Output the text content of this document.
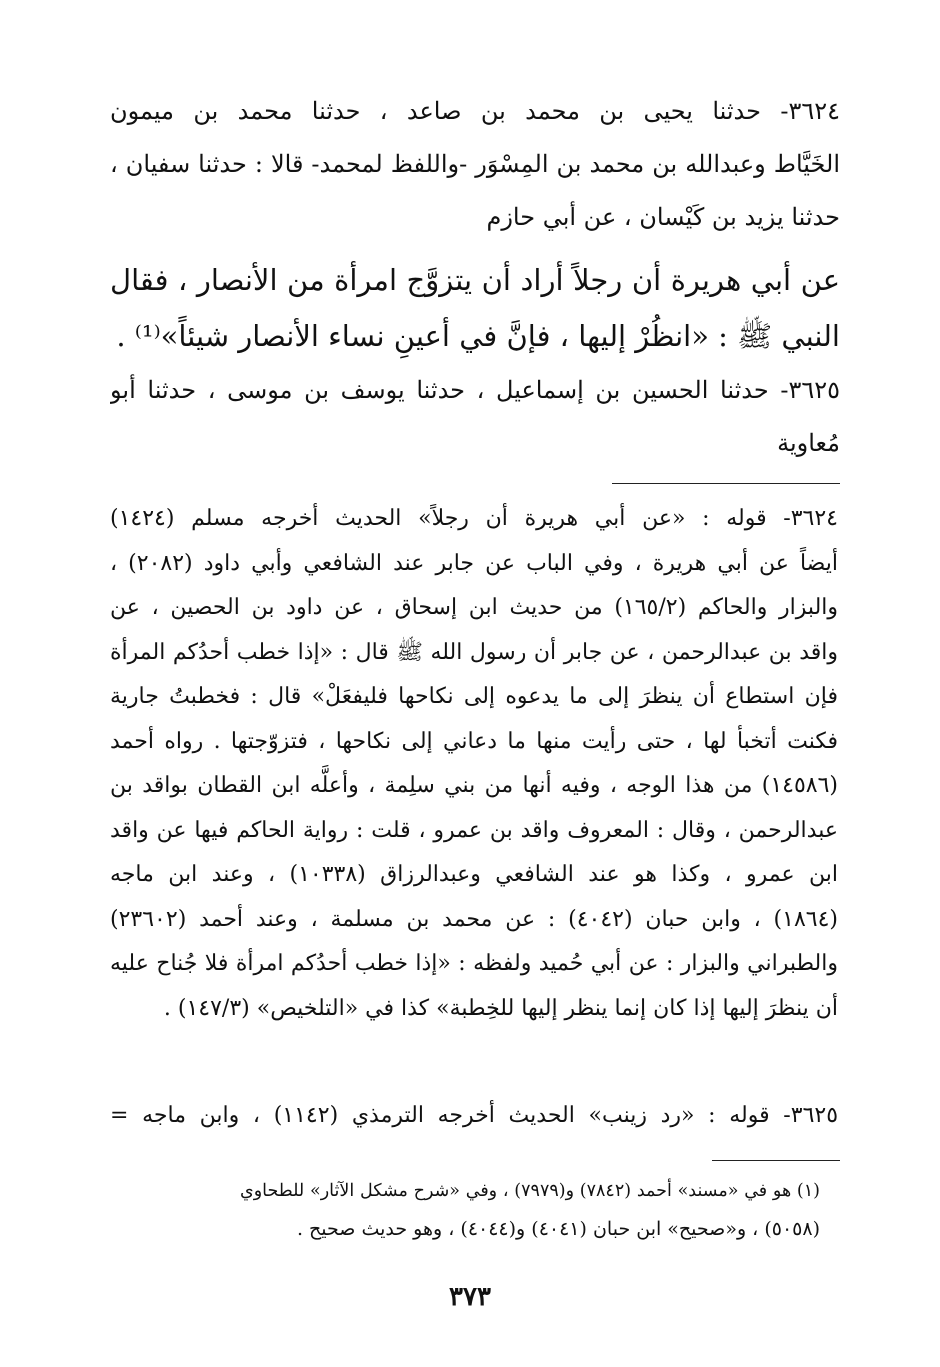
٣٦٢٤- حدثنا يحيى بن محمد بن صاعد ، حدثنا محمد بن ميمون
الخَيَّاط وعبدالله بن محمد بن المِسْوَر -واللفظ لمحمد- قالا : حدثنا سفيان ،
حدثنا يزيد بن كَيْسان ، عن أبي حازم
عن أبي هريرة أن رجلاً أراد أن يتزوَّج امرأة من الأنصار ، فقال
النبي ﷺ : «انظُرْ إليها ، فإنَّ في أعينِ نساء الأنصار شيئاً»⁽¹⁾ .
٣٦٢٥- حدثنا الحسين بن إسماعيل ، حدثنا يوسف بن موسى ، حدثنا أبو
مُعاوية
٣٦٢٤- قوله : «عن أبي هريرة أن رجلاً» الحديث أخرجه مسلم (١٤٢٤)
أيضاً عن أبي هريرة ، وفي الباب عن جابر عند الشافعي وأبي داود (٢٠٨٢) ،
والبزار والحاكم (١٦٥/٢) من حديث ابن إسحاق ، عن داود بن الحصين ، عن
واقد بن عبدالرحمن ، عن جابر أن رسول الله ﷺ قال : «إذا خطب أحدُكم المرأة
فإن استطاع أن ينظرَ إلى ما يدعوه إلى نكاحها فليفعَلْ» قال : فخطبتُ جارية
فكنت أتخبأ لها ، حتى رأيت منها ما دعاني إلى نكاحها ، فتزوّجتها . رواه أحمد
(١٤٥٨٦) من هذا الوجه ، وفيه أنها من بني سلِمة ، وأعلَّه ابن القطان بواقد بن
عبدالرحمن ، وقال : المعروف واقد بن عمرو ، قلت : رواية الحاكم فيها عن واقد
ابن عمرو ، وكذا هو عند الشافعي وعبدالرزاق (١٠٣٣٨) ، وعند ابن ماجه
(١٨٦٤) ، وابن حبان (٤٠٤٢) : عن محمد بن مسلمة ، وعند أحمد (٢٣٦٠٢)
والطبراني والبزار : عن أبي حُميد ولفظه : «إذا خطب أحدُكم امرأة فلا جُناح عليه
أن ينظرَ إليها إذا كان إنما ينظر إليها للخِطبة» كذا في «التلخيص» (١٤٧/٣) .
٣٦٢٥- قوله : «رد زينب» الحديث أخرجه الترمذي (١١٤٢) ، وابن ماجه =
(١) هو في «مسند» أحمد (٧٨٤٢) و(٧٩٧٩) ، وفي «شرح مشكل الآثار» للطحاوي
(٥٠٥٨) ، و«صحيح» ابن حبان (٤٠٤١) و(٤٠٤٤) ، وهو حديث صحيح .
٣٧٣
